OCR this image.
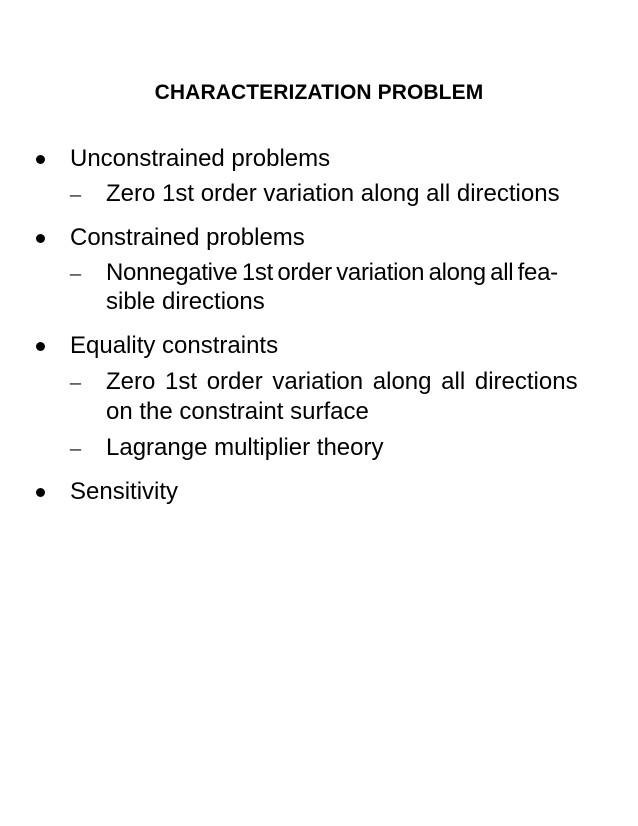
CHARACTERIZATION PROBLEM
Unconstrained problems
– Zero 1st order variation along all directions
Constrained problems
– Nonnegative 1st order variation along all fea-
sible directions
Equality constraints
– Zero 1st order variation along all directions
on the constraint surface
– Lagrange multiplier theory
Sensitivity
